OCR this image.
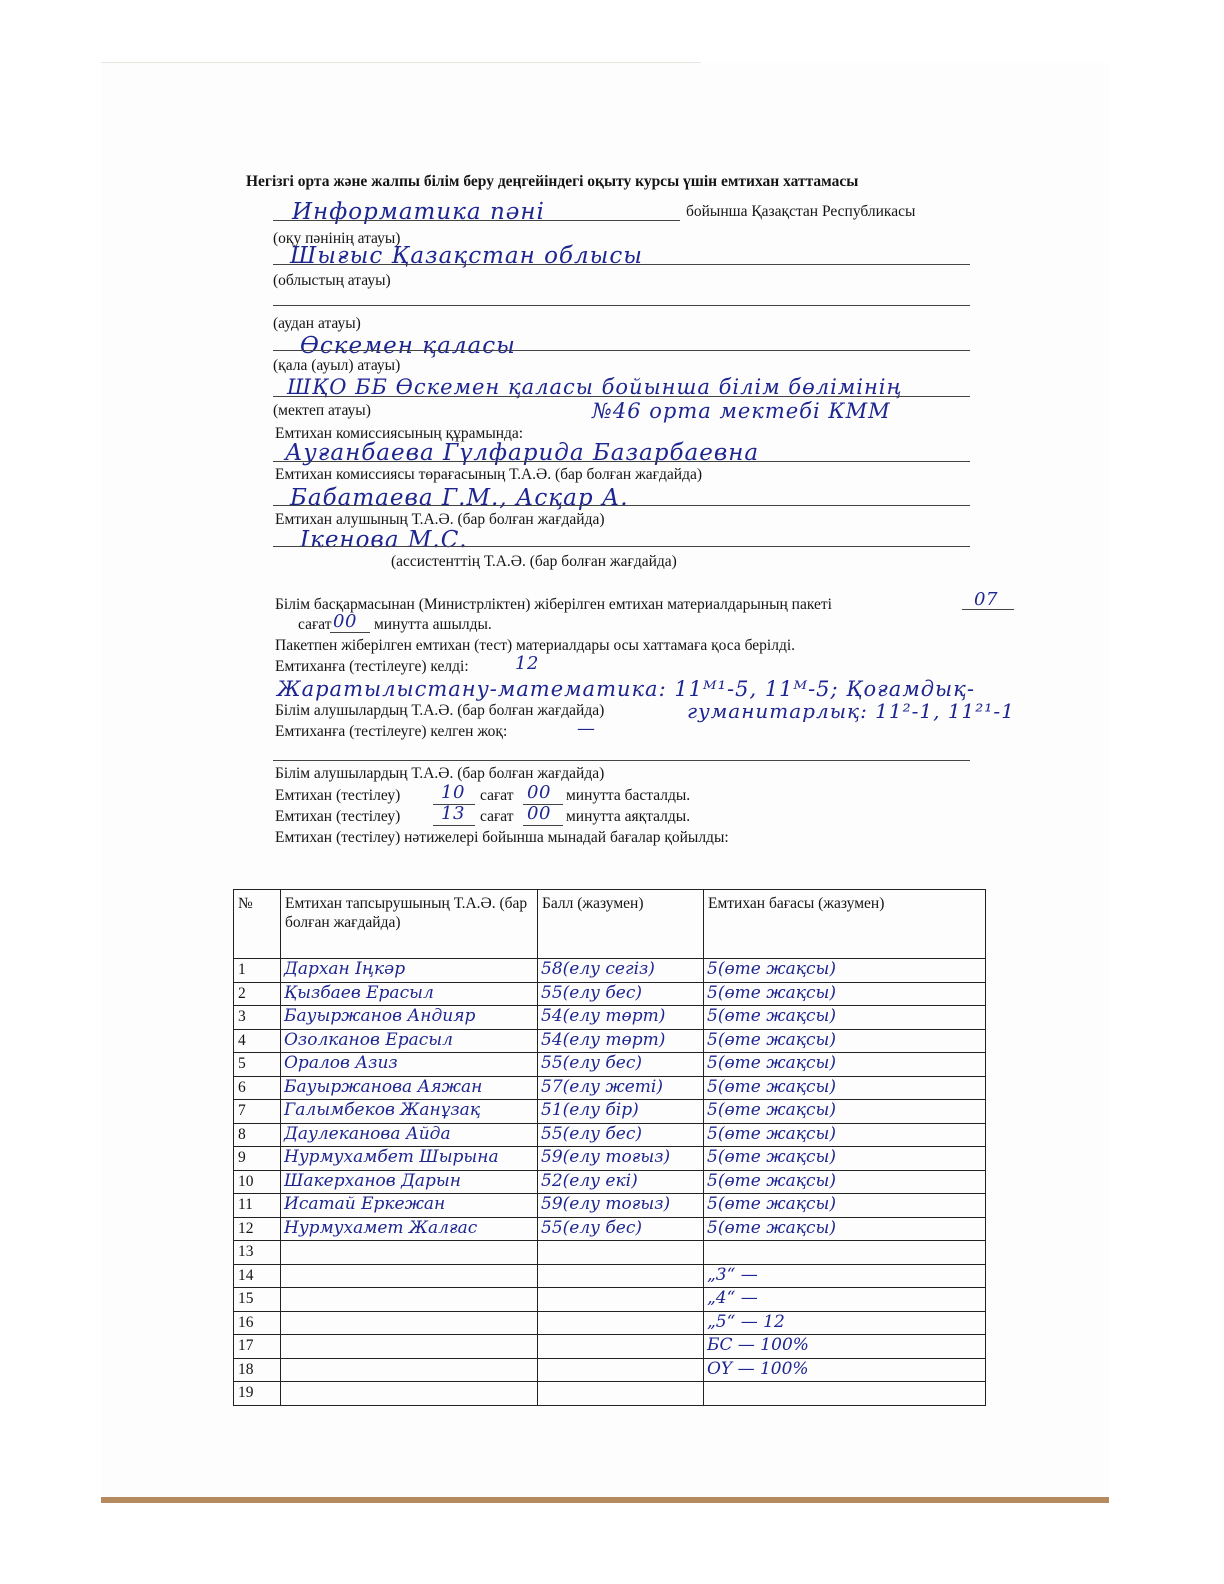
Негізгі орта және жалпы білім беру деңгейіндегі оқыту курсы үшін емтихан хаттамасы
Информатика пәні	бойынша Қазақстан Республикасы
(оқу пәнінің атауы)
Шығыс Қазақстан облысы
(облыстың атауы)
(аудан атауы)
Өскемен қаласы
(қала (ауыл) атауы)
ШҚО ББ Өскемен қаласы бойынша білім бөлімінің
(мектеп атауы)	№46 орта мектебі КММ
Емтихан комиссиясының құрамында:
Ауғанбаева Гүлфарида Базарбаевна
Емтихан комиссиясы төрағасының Т.А.Ә. (бар болған жағдайда)
Бабатаева Г.М., Асқар А.
Емтихан алушының Т.А.Ә. (бар болған жағдайда)
Ікенова М.С.
(ассистенттің Т.А.Ә. (бар болған жағдайда)
Білім басқармасынан (Министрліктен) жіберілген емтихан материалдарының пакеті	07
сағат 00 минутта ашылды.
Пакетпен жіберілген емтихан (тест) материалдары осы хаттамаға қоса берілді.
Емтиханға (тестілеуге) келді:	12
Жаратылыстану-математика: 11ᴹ¹-5, 11ᴹ-5; Қоғамдық-
Білім алушылардың Т.А.Ә. (бар болған жағдайда)	гуманитарлық: 11²-1, 11²¹-1
Емтиханға (тестілеуге) келген жоқ:	—
Білім алушылардың Т.А.Ә. (бар болған жағдайда)
Емтихан (тестілеу) 10 сағат 00 минутта басталды.
Емтихан (тестілеу) 13 сағат 00 минутта аяқталды.
Емтихан (тестілеу) нәтижелері бойынша мынадай бағалар қойылды:
№	Емтихан тапсырушының Т.А.Ә. (бар болған жағдайда)	Балл (жазумен)	Емтихан бағасы (жазумен)
1	Дархан Іңкәр	58(елу сегіз)	5(өте жақсы)
2	Қызбаев Ерасыл	55(елу бес)	5(өте жақсы)
3	Бауыржанов Андияр	54(елу төрт)	5(өте жақсы)
4	Озолканов Ерасыл	54(елу төрт)	5(өте жақсы)
5	Оралов Азиз	55(елу бес)	5(өте жақсы)
6	Бауыржанова Аяжан	57(елу жеті)	5(өте жақсы)
7	Галымбеков Жанұзақ	51(елу бір)	5(өте жақсы)
8	Даулеканова Айда	55(елу бес)	5(өте жақсы)
9	Нурмухамбет Шырына	59(елу тоғыз)	5(өте жақсы)
10	Шакерханов Дарын	52(елу екі)	5(өте жақсы)
11	Исатай Еркежан	59(елу тоғыз)	5(өте жақсы)
12	Нурмухамет Жалғас	55(елу бес)	5(өте жақсы)
13			
14			„3“ —
15			„4“ —
16			„5“ — 12
17			БС — 100%
18			ОҮ — 100%
19			
